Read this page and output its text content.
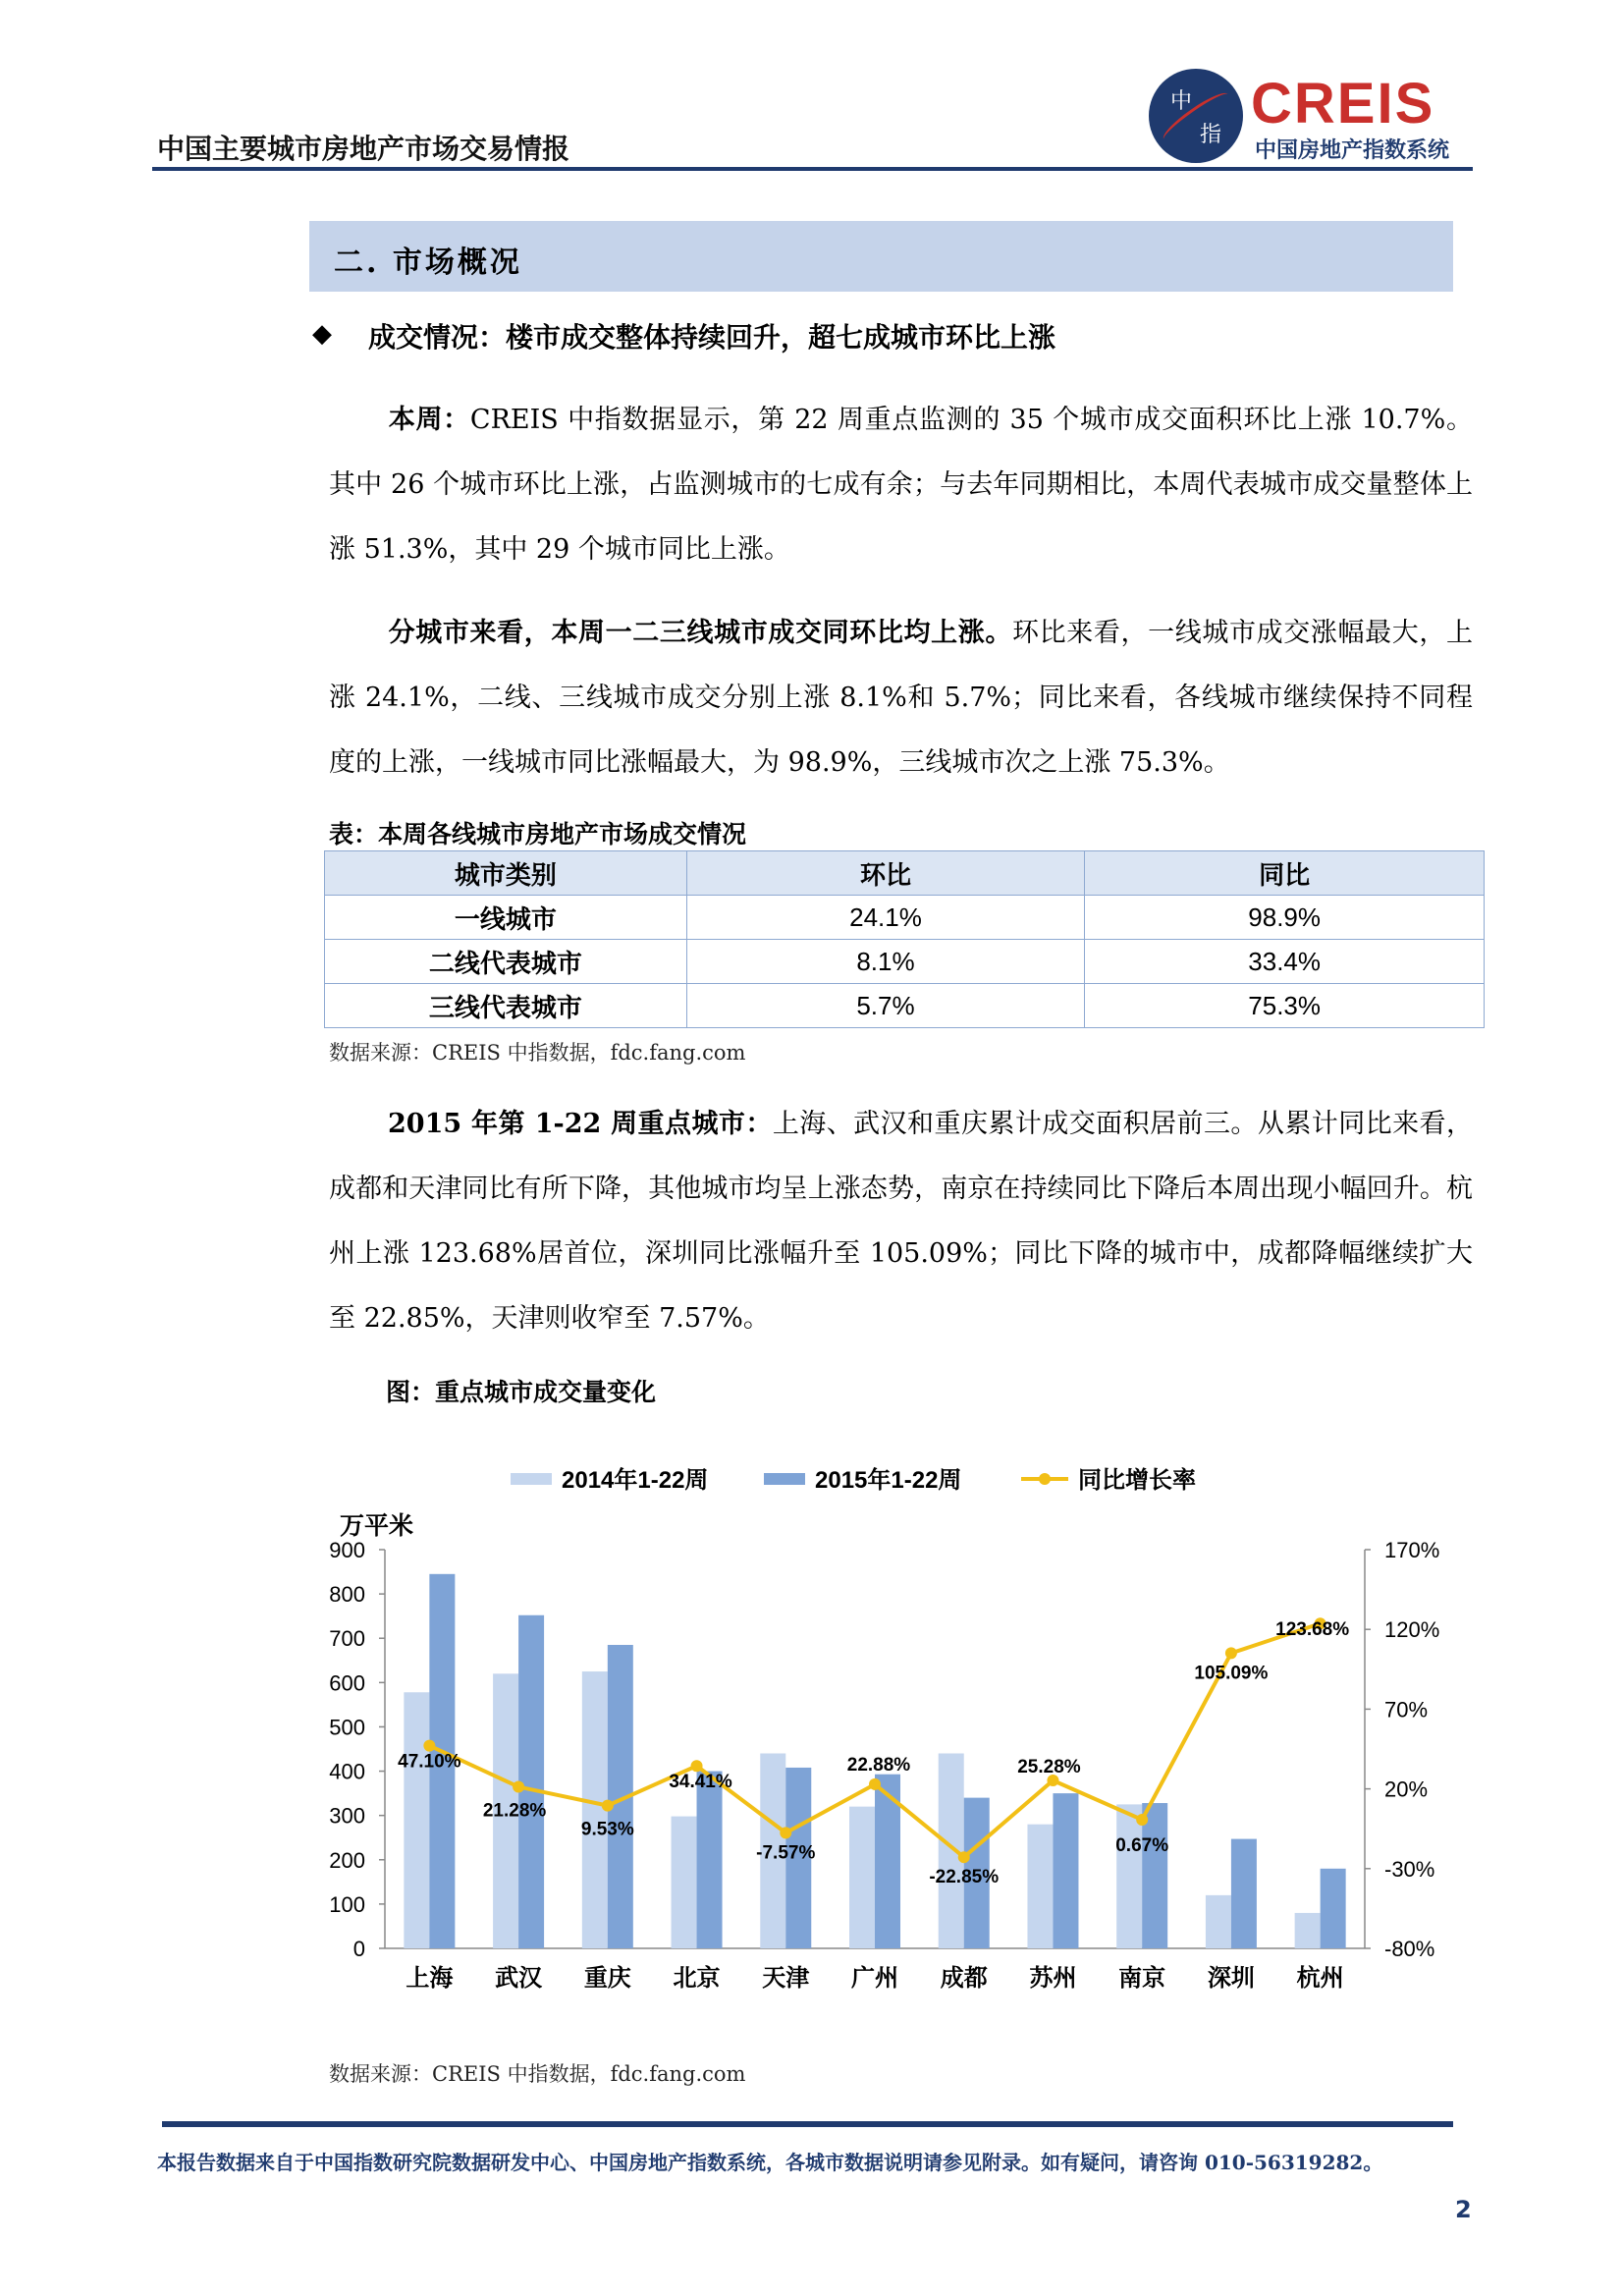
中国主要城市房地产市场交易情报
中
指 CREIS
中国房地产指数系统
二. 市场概况
◆ 成交情况：楼市成交整体持续回升，超七成城市环比上涨
本周：CREIS 中指数据显示，第 22 周重点监测的 35 个城市成交面积环比上涨 10.7%。其中 26 个城市环比上涨，占监测城市的七成有余；与去年同期相比，本周代表城市成交量整体上涨 51.3%，其中 29 个城市同比上涨。
分城市来看，本周一二三线城市成交同环比均上涨。环比来看，一线城市成交涨幅最大，上涨 24.1%，二线、三线城市成交分别上涨 8.1%和 5.7%；同比来看，各线城市继续保持不同程度的上涨，一线城市同比涨幅最大，为 98.9%，三线城市次之上涨 75.3%。
表：本周各线城市房地产市场成交情况
城市类别	环比	同比
一线城市	24.1%	98.9%
二线代表城市	8.1%	33.4%
三线代表城市	5.7%	75.3%
数据来源：CREIS 中指数据，fdc.fang.com
2015 年第 1-22 周重点城市：上海、武汉和重庆累计成交面积居前三。从累计同比来看，成都和天津同比有所下降，其他城市均呈上涨态势，南京在持续同比下降后本周出现小幅回升。杭州上涨 123.68%居首位，深圳同比涨幅升至 105.09%；同比下降的城市中，成都降幅继续扩大至 22.85%，天津则收窄至 7.57%。
图：重点城市成交量变化
0
100
200
300
400
500
600
700
800
900
-80%
-30%
20%
70%
120%
170%
万平米
上海 武汉 重庆 北京 天津 广州 成都 苏州 南京 深圳 杭州
47.10%
21.28%
9.53%
34.41%
-7.57%
22.88%
-22.85%
25.28%
0.67%
105.09%
123.68%
2014年1-22周	2015年1-22周	同比增长率
数据来源：CREIS 中指数据，fdc.fang.com
本报告数据来自于中国指数研究院数据研发中心、中国房地产指数系统，各城市数据说明请参见附录。如有疑问，请咨询 010-56319282。
2
